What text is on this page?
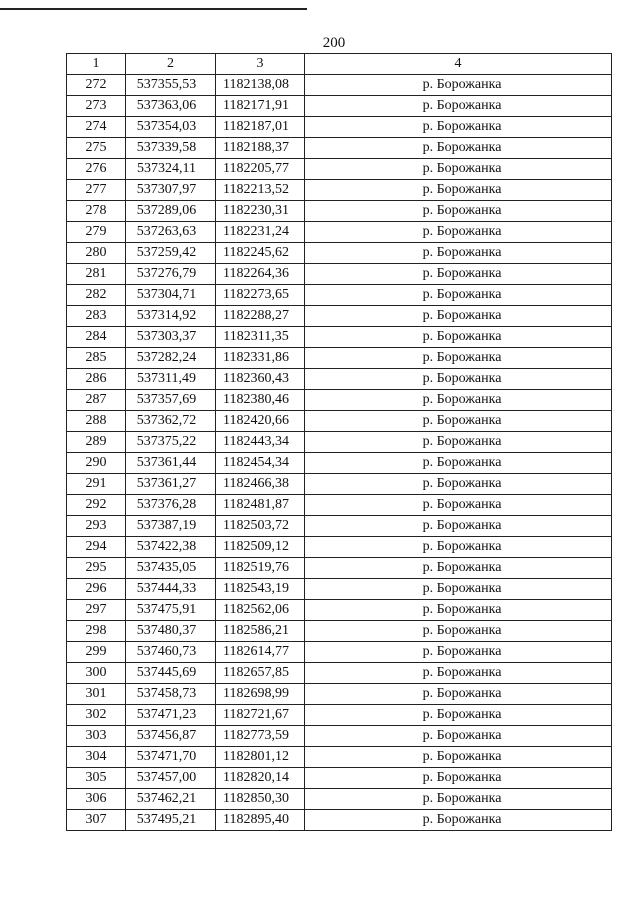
200
1	2	3	4
272	537355,53	1182138,08	р. Борожанка
273	537363,06	1182171,91	р. Борожанка
274	537354,03	1182187,01	р. Борожанка
275	537339,58	1182188,37	р. Борожанка
276	537324,11	1182205,77	р. Борожанка
277	537307,97	1182213,52	р. Борожанка
278	537289,06	1182230,31	р. Борожанка
279	537263,63	1182231,24	р. Борожанка
280	537259,42	1182245,62	р. Борожанка
281	537276,79	1182264,36	р. Борожанка
282	537304,71	1182273,65	р. Борожанка
283	537314,92	1182288,27	р. Борожанка
284	537303,37	1182311,35	р. Борожанка
285	537282,24	1182331,86	р. Борожанка
286	537311,49	1182360,43	р. Борожанка
287	537357,69	1182380,46	р. Борожанка
288	537362,72	1182420,66	р. Борожанка
289	537375,22	1182443,34	р. Борожанка
290	537361,44	1182454,34	р. Борожанка
291	537361,27	1182466,38	р. Борожанка
292	537376,28	1182481,87	р. Борожанка
293	537387,19	1182503,72	р. Борожанка
294	537422,38	1182509,12	р. Борожанка
295	537435,05	1182519,76	р. Борожанка
296	537444,33	1182543,19	р. Борожанка
297	537475,91	1182562,06	р. Борожанка
298	537480,37	1182586,21	р. Борожанка
299	537460,73	1182614,77	р. Борожанка
300	537445,69	1182657,85	р. Борожанка
301	537458,73	1182698,99	р. Борожанка
302	537471,23	1182721,67	р. Борожанка
303	537456,87	1182773,59	р. Борожанка
304	537471,70	1182801,12	р. Борожанка
305	537457,00	1182820,14	р. Борожанка
306	537462,21	1182850,30	р. Борожанка
307	537495,21	1182895,40	р. Борожанка
